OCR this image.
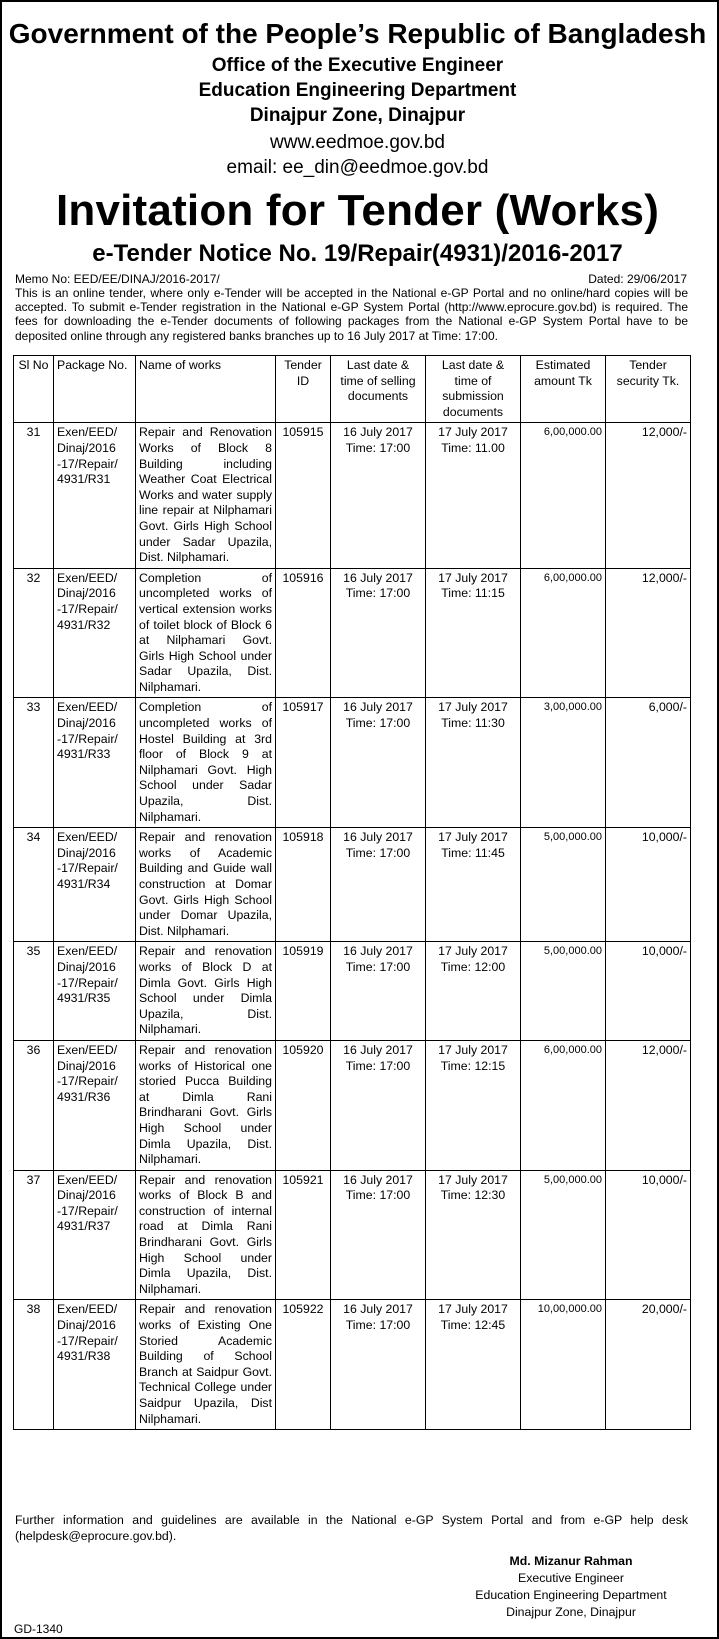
Government of the People’s Republic of Bangladesh
Office of the Executive Engineer
Education Engineering Department
Dinajpur Zone, Dinajpur
www.eedmoe.gov.bd
email: ee_din@eedmoe.gov.bd
Invitation for Tender (Works)
e-Tender Notice No. 19/Repair(4931)/2016-2017
Memo No: EED/EE/DINAJ/2016-2017/	Dated: 29/06/2017
This is an online tender, where only e-Tender will be accepted in the National e-GP Portal and no online/hard copies will be accepted. To submit e-Tender registration in the National e-GP System Portal (http://www.eprocure.gov.bd) is required. The fees for downloading the e-Tender documents of following packages from the National e-GP System Portal have to be deposited online through any registered banks branches up to 16 July 2017 at Time: 17:00.
Sl No	Package No.	Name of works	Tender ID	Last date & time of selling documents	Last date & time of submission documents	Estimated amount Tk	Tender security Tk.
31	Exen/EED/ Dinaj/2016 -17/Repair/ 4931/R31	Repair and Renovation Works of Block 8 Building including Weather Coat Electrical Works and water supply line repair at Nilphamari Govt. Girls High School under Sadar Upazila, Dist. Nilphamari.	105915	16 July 2017 Time: 17:00	17 July 2017 Time: 11.00	6,00,000.00	12,000/-
32	Exen/EED/ Dinaj/2016 -17/Repair/ 4931/R32	Completion of uncompleted works of vertical extension works of toilet block of Block 6 at Nilphamari Govt. Girls High School under Sadar Upazila, Dist. Nilphamari.	105916	16 July 2017 Time: 17:00	17 July 2017 Time: 11:15	6,00,000.00	12,000/-
33	Exen/EED/ Dinaj/2016 -17/Repair/ 4931/R33	Completion of uncompleted works of Hostel Building at 3rd floor of Block 9 at Nilphamari Govt. High School under Sadar Upazila, Dist. Nilphamari.	105917	16 July 2017 Time: 17:00	17 July 2017 Time: 11:30	3,00,000.00	6,000/-
34	Exen/EED/ Dinaj/2016 -17/Repair/ 4931/R34	Repair and renovation works of Academic Building and Guide wall construction at Domar Govt. Girls High School under Domar Upazila, Dist. Nilphamari.	105918	16 July 2017 Time: 17:00	17 July 2017 Time: 11:45	5,00,000.00	10,000/-
35	Exen/EED/ Dinaj/2016 -17/Repair/ 4931/R35	Repair and renovation works of Block D at Dimla Govt. Girls High School under Dimla Upazila, Dist. Nilphamari.	105919	16 July 2017 Time: 17:00	17 July 2017 Time: 12:00	5,00,000.00	10,000/-
36	Exen/EED/ Dinaj/2016 -17/Repair/ 4931/R36	Repair and renovation works of Historical one storied Pucca Building at Dimla Rani Brindharani Govt. Girls High School under Dimla Upazila, Dist. Nilphamari.	105920	16 July 2017 Time: 17:00	17 July 2017 Time: 12:15	6,00,000.00	12,000/-
37	Exen/EED/ Dinaj/2016 -17/Repair/ 4931/R37	Repair and renovation works of Block B and construction of internal road at Dimla Rani Brindharani Govt. Girls High School under Dimla Upazila, Dist. Nilphamari.	105921	16 July 2017 Time: 17:00	17 July 2017 Time: 12:30	5,00,000.00	10,000/-
38	Exen/EED/ Dinaj/2016 -17/Repair/ 4931/R38	Repair and renovation works of Existing One Storied Academic Building of School Branch at Saidpur Govt. Technical College under Saidpur Upazila, Dist Nilphamari.	105922	16 July 2017 Time: 17:00	17 July 2017 Time: 12:45	10,00,000.00	20,000/-
Further information and guidelines are available in the National e-GP System Portal and from e-GP help desk (helpdesk@eprocure.gov.bd).
Md. Mizanur Rahman
Executive Engineer
Education Engineering Department
Dinajpur Zone, Dinajpur
GD-1340
